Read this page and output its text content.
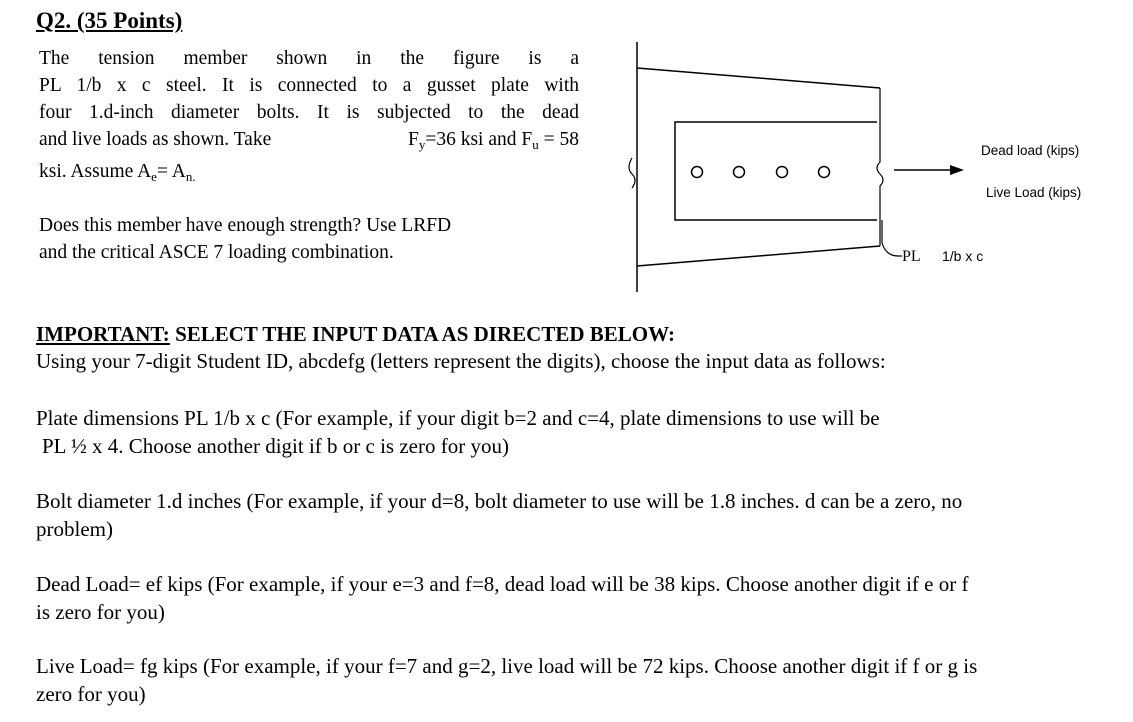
Q2. (35 Points)
The tension member shown in the figure is a
PL 1/b x c steel. It is connected to a gusset plate with
four 1.d-inch diameter bolts. It is subjected to the dead
and live loads as shown. Take	$F_y=36$ ksi and $F_u = 58$
ksi. Assume $A_e= A_{n.}$
Does this member have enough strength? Use LRFD
and the critical ASCE 7 loading combination.
Dead load (kips)
Live Load (kips)
PL 1/b x c
IMPORTANT: SELECT THE INPUT DATA AS DIRECTED BELOW:
Using your 7-digit Student ID, abcdefg (letters represent the digits), choose the input data as follows:
Plate dimensions PL 1/b x c (For example, if your digit b=2 and c=4, plate dimensions to use will be
PL ½ x 4. Choose another digit if b or c is zero for you)
Bolt diameter 1.d inches (For example, if your d=8, bolt diameter to use will be 1.8 inches. d can be a zero, no
problem)
Dead Load= ef kips (For example, if your e=3 and f=8, dead load will be 38 kips. Choose another digit if e or f
is zero for you)
Live Load= fg kips (For example, if your f=7 and g=2, live load will be 72 kips. Choose another digit if f or g is
zero for you)
